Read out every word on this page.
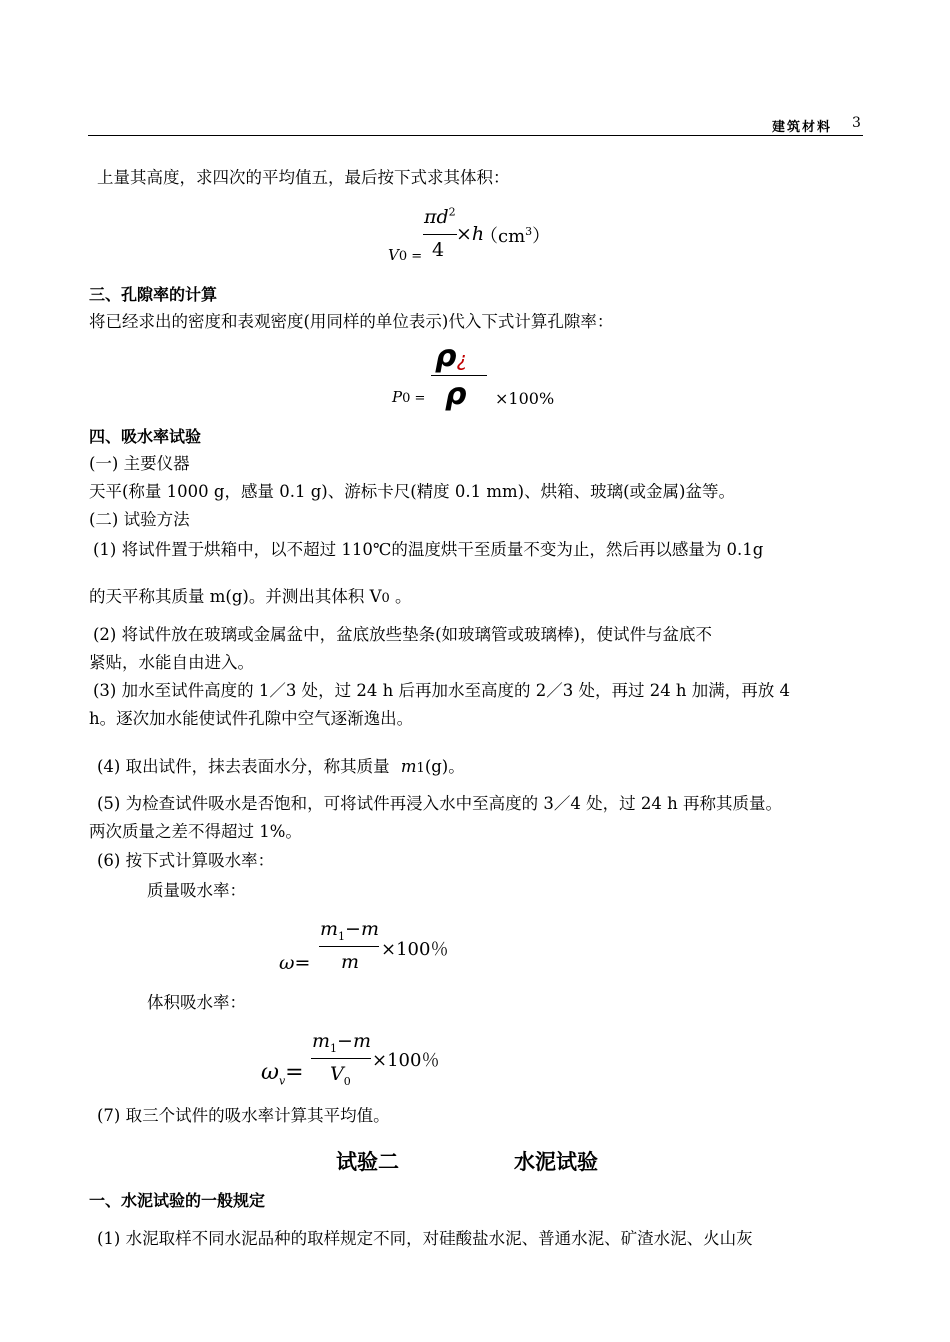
建筑材料 3
上量其高度，求四次的平均值五，最后按下式求其体积：
V0 =
$\pi d^2$
4
×h
$(cm^3)$
三、孔隙率的计算
将已经求出的密度和表观密度(用同样的单位表示)代入下式计算孔隙率：
P0 =
ρ¿
ρ ×100%
四、吸水率试验
(一) 主要仪器
天平(称量 1000 g，感量 0.1 g)、游标卡尺(精度 0.1 mm)、烘箱、玻璃(或金属)盆等。
(二) 试验方法
(1) 将试件置于烘箱中，以不超过 110℃的温度烘干至质量不变为止，然后再以感量为 0.1g
的天平称其质量 m(g)。并测出其体积 V0 。
(2) 将试件放在玻璃或金属盆中，盆底放些垫条(如玻璃管或玻璃棒)，使试件与盆底不
紧贴，水能自由进入。
(3) 加水至试件高度的 1／3 处，过 24 h 后再加水至高度的 2／3 处，再过 24 h 加满，再放 4
h。逐次加水能使试件孔隙中空气逐渐逸出。
(4) 取出试件，抹去表面水分，称其质量 m1(g)。
(5) 为检查试件吸水是否饱和，可将试件再浸入水中至高度的 3／4 处，过 24 h 再称其质量。
两次质量之差不得超过 1%。
(6) 按下式计算吸水率：
质量吸水率：
ω=
$m_1-m$
m
×100％
体积吸水率：
$\omega_v=$
$m_1-m$
$V_0$
×100％
(7) 取三个试件的吸水率计算其平均值。
试验二	水泥试验
一、水泥试验的一般规定
(1) 水泥取样不同水泥品种的取样规定不同，对硅酸盐水泥、普通水泥、矿渣水泥、火山灰
